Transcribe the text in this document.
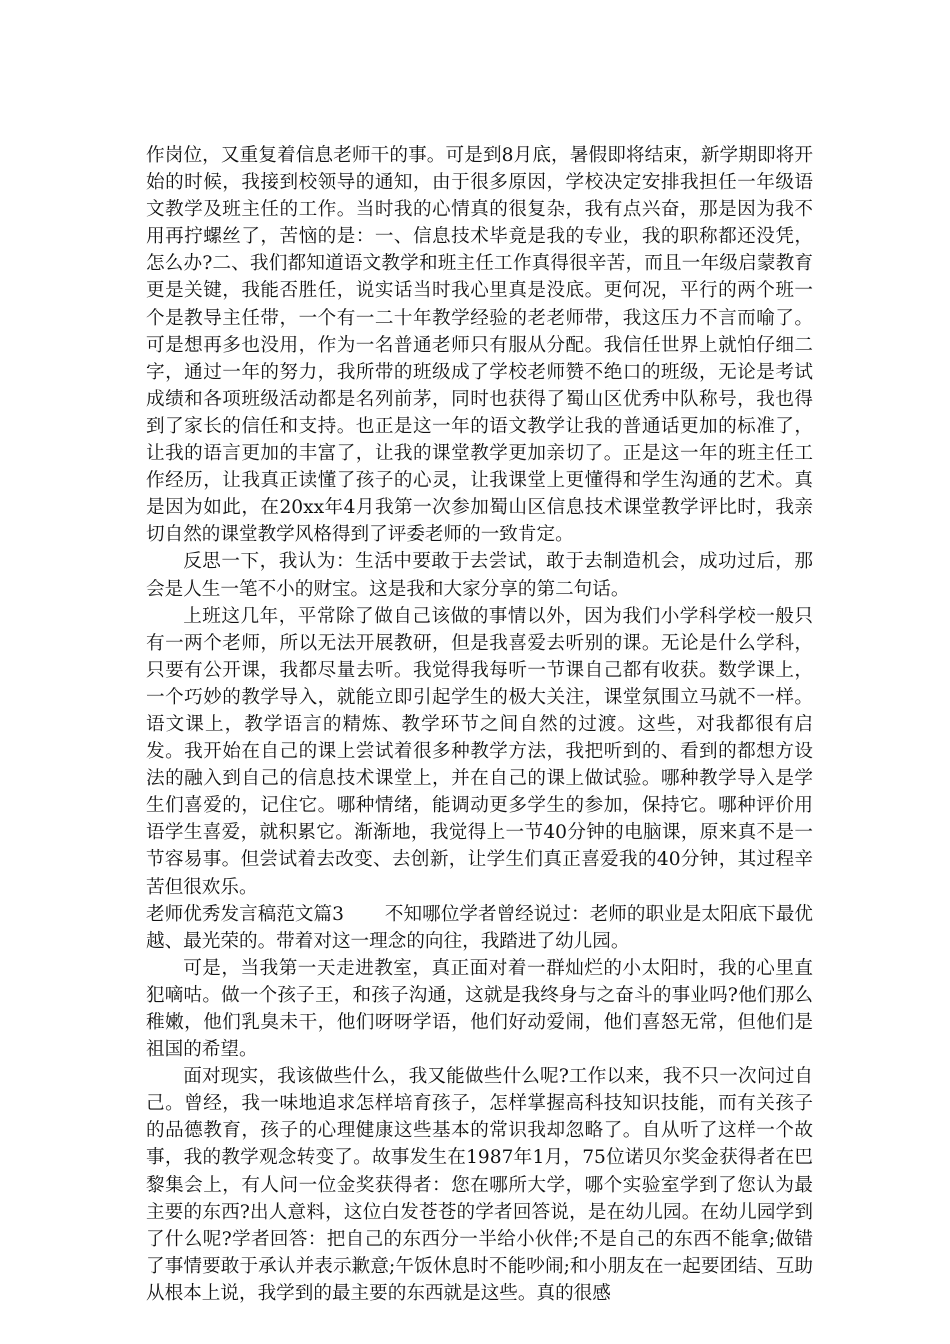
作岗位，又重复着信息老师干的事。可是到8月底，暑假即将结束，新学期即将开始的时候，我接到校领导的通知，由于很多原因，学校决定安排我担任一年级语文教学及班主任的工作。当时我的心情真的很复杂，我有点兴奋，那是因为我不用再拧螺丝了，苦恼的是：一、信息技术毕竟是我的专业，我的职称都还没凭，怎么办?二、我们都知道语文教学和班主任工作真得很辛苦，而且一年级启蒙教育更是关键，我能否胜任，说实话当时我心里真是没底。更何况，平行的两个班一个是教导主任带，一个有一二十年教学经验的老老师带，我这压力不言而喻了。可是想再多也没用，作为一名普通老师只有服从分配。我信任世界上就怕仔细二字，通过一年的努力，我所带的班级成了学校老师赞不绝口的班级，无论是考试成绩和各项班级活动都是名列前茅，同时也获得了蜀山区优秀中队称号，我也得到了家长的信任和支持。也正是这一年的语文教学让我的普通话更加的标准了，让我的语言更加的丰富了，让我的课堂教学更加亲切了。正是这一年的班主任工作经历，让我真正读懂了孩子的心灵，让我课堂上更懂得和学生沟通的艺术。真是因为如此，在20xx年4月我第一次参加蜀山区信息技术课堂教学评比时，我亲切自然的课堂教学风格得到了评委老师的一致肯定。

反思一下，我认为：生活中要敢于去尝试，敢于去制造机会，成功过后，那会是人生一笔不小的财宝。这是我和大家分享的第二句话。

上班这几年，平常除了做自己该做的事情以外，因为我们小学科学校一般只有一两个老师，所以无法开展教研，但是我喜爱去听别的课。无论是什么学科，只要有公开课，我都尽量去听。我觉得我每听一节课自己都有收获。数学课上，一个巧妙的教学导入，就能立即引起学生的极大关注，课堂氛围立马就不一样。语文课上，教学语言的精炼、教学环节之间自然的过渡。这些，对我都很有启发。我开始在自己的课上尝试着很多种教学方法，我把听到的、看到的都想方设法的融入到自己的信息技术课堂上，并在自己的课上做试验。哪种教学导入是学生们喜爱的，记住它。哪种情绪，能调动更多学生的参加，保持它。哪种评价用语学生喜爱，就积累它。渐渐地，我觉得上一节40分钟的电脑课，原来真不是一节容易事。但尝试着去改变、去创新，让学生们真正喜爱我的40分钟，其过程辛苦但很欢乐。

老师优秀发言稿范文篇3 不知哪位学者曾经说过：老师的职业是太阳底下最优越、最光荣的。带着对这一理念的向往，我踏进了幼儿园。

可是，当我第一天走进教室，真正面对着一群灿烂的小太阳时，我的心里直犯嘀咕。做一个孩子王，和孩子沟通，这就是我终身与之奋斗的事业吗?他们那么稚嫩，他们乳臭未干，他们呀呀学语，他们好动爱闹，他们喜怒无常，但他们是祖国的希望。

面对现实，我该做些什么，我又能做些什么呢?工作以来，我不只一次问过自己。曾经，我一味地追求怎样培育孩子，怎样掌握高科技知识技能，而有关孩子的品德教育，孩子的心理健康这些基本的常识我却忽略了。自从听了这样一个故事，我的教学观念转变了。故事发生在1987年1月，75位诺贝尔奖金获得者在巴黎集会上，有人问一位金奖获得者：您在哪所大学，哪个实验室学到了您认为最主要的东西?出人意料，这位白发苍苍的学者回答说，是在幼儿园。在幼儿园学到了什么呢?学者回答：把自己的东西分一半给小伙伴;不是自己的东西不能拿;做错了事情要敢于承认并表示歉意;午饭休息时不能吵闹;和小朋友在一起要团结、互助从根本上说，我学到的最主要的东西就是这些。真的很感
